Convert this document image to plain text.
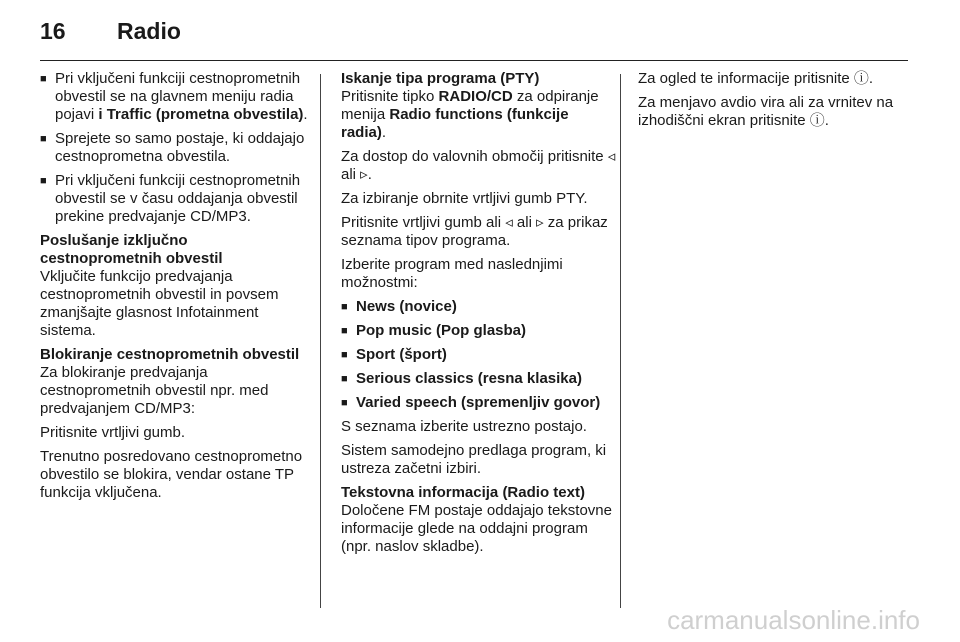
16 Radio
■ Pri vključeni funkciji cestnoprometnih obvestil se na glavnem meniju radia pojavi i Traffic (prometna obvestila).
■ Sprejete so samo postaje, ki oddajajo cestnoprometna obvestila.
■ Pri vključeni funkciji cestnoprometnih obvestil se v času oddajanja obvestil prekine predvajanje CD/MP3.

Poslušanje izključno cestnoprometnih obvestil

Vključite funkcijo predvajanja cestnoprometnih obvestil in povsem zmanjšajte glasnost Infotainment sistema.

Blokiranje cestnoprometnih obvestil

Za blokiranje predvajanja cestnoprometnih obvestil npr. med predvajanjem CD/MP3:

Pritisnite vrtljivi gumb.

Trenutno posredovano cestnoprometno obvestilo se blokira, vendar ostane TP funkcija vključena.

Iskanje tipa programa (PTY)

Pritisnite tipko RADIO/CD za odpiranje menija Radio functions (funkcije radia).

Za dostop do valovnih območij pritisnite ◃ ali ▹.

Za izbiranje obrnite vrtljivi gumb PTY.

Pritisnite vrtljivi gumb ali ◃ ali ▹ za prikaz seznama tipov programa.

Izberite program med naslednjimi možnostmi:

■ News (novice)
■ Pop music (Pop glasba)
■ Sport (šport)
■ Serious classics (resna klasika)
■ Varied speech (spremenljiv govor)

S seznama izberite ustrezno postajo.

Sistem samodejno predlaga program, ki ustreza začetni izbiri.

Tekstovna informacija (Radio text)

Določene FM postaje oddajajo tekstovne informacije glede na oddajni program (npr. naslov skladbe).

Za ogled te informacije pritisnite ⓘ.

Za menjavo avdio vira ali za vrnitev na izhodiščni ekran pritisnite ⓘ.

carmanualsonline.info
